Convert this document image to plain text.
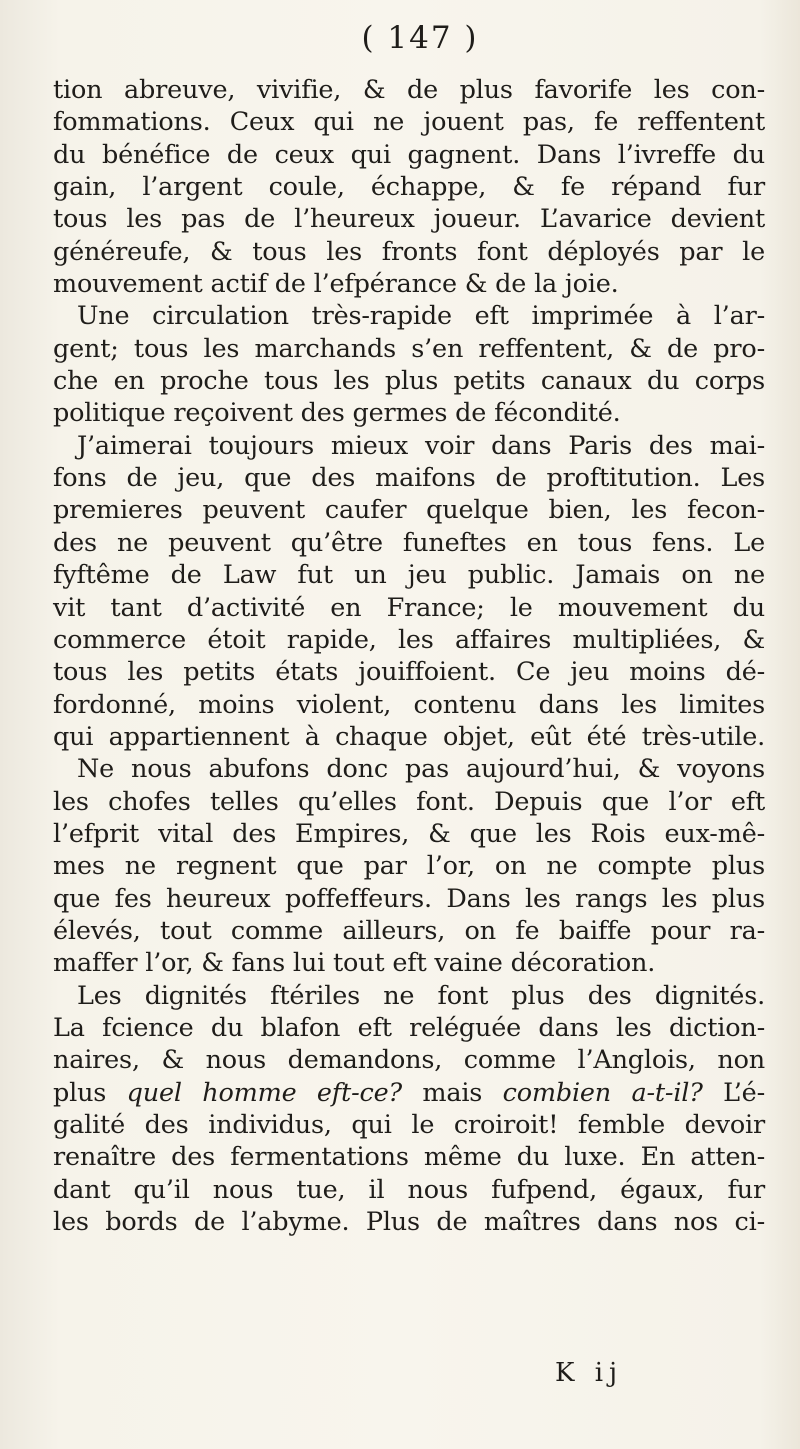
( 147 )
tion abreuve, vivifie, & de plus favorife les con-
fommations. Ceux qui ne jouent pas, fe reffentent
du bénéfice de ceux qui gagnent. Dans l’ivreffe du
gain, l’argent coule, échappe, & fe répand fur
tous les pas de l’heureux joueur. L’avarice devient
généreufe, & tous les fronts font déployés par le
mouvement actif de l’efpérance & de la joie.
Une circulation très-rapide eft imprimée à l’ar-
gent; tous les marchands s’en reffentent, & de pro-
che en proche tous les plus petits canaux du corps
politique reçoivent des germes de fécondité.
J’aimerai toujours mieux voir dans Paris des mai-
fons de jeu, que des maifons de proftitution. Les
premieres peuvent caufer quelque bien, les fecon-
des ne peuvent qu’être funeftes en tous fens. Le
fyftême de Law fut un jeu public. Jamais on ne
vit tant d’activité en France; le mouvement du
commerce étoit rapide, les affaires multipliées, &
tous les petits états jouiffoient. Ce jeu moins dé-
fordonné, moins violent, contenu dans les limites
qui appartiennent à chaque objet, eût été très-utile.
Ne nous abufons donc pas aujourd’hui, & voyons
les chofes telles qu’elles font. Depuis que l’or eft
l’efprit vital des Empires, & que les Rois eux-mê-
mes ne regnent que par l’or, on ne compte plus
que fes heureux poffeffeurs. Dans les rangs les plus
élevés, tout comme ailleurs, on fe baiffe pour ra-
maffer l’or, & fans lui tout eft vaine décoration.
Les dignités ftériles ne font plus des dignités.
La fcience du blafon eft reléguée dans les diction-
naires, & nous demandons, comme l’Anglois, non
plus quel homme eft-ce? mais combien a-t-il? L’é-
galité des individus, qui le croiroit! femble devoir
renaître des fermentations même du luxe. En atten-
dant qu’il nous tue, il nous fufpend, égaux, fur
les bords de l’abyme. Plus de maîtres dans nos ci-
K ij
